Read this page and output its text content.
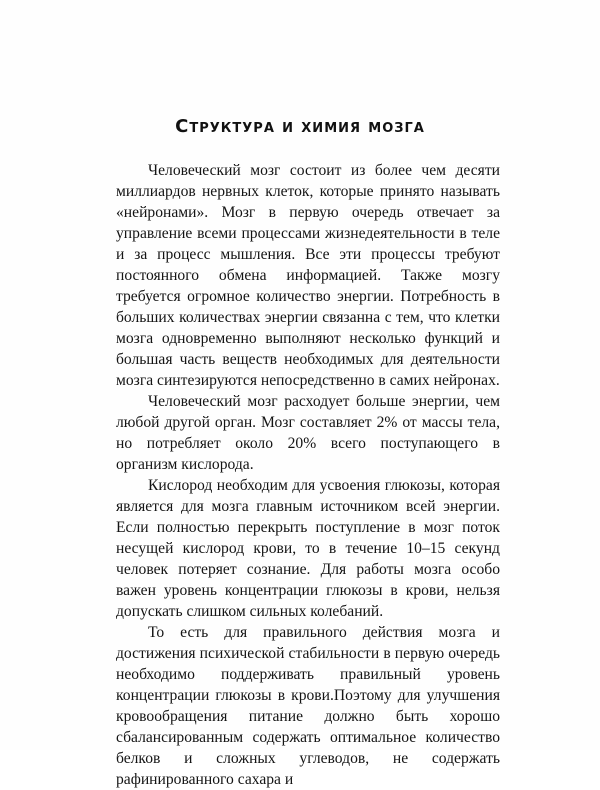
Структура и химия мозга

Человеческий мозг состоит из более чем десяти миллиардов нервных клеток, которые принято называть «нейронами». Мозг в первую очередь отвечает за управление всеми процессами жизнедеятельности в теле и за процесс мышления. Все эти процессы требуют постоянного обмена информацией. Также мозгу требуется огромное количество энергии. Потребность в больших количествах энергии связанна с тем, что клетки мозга одновременно выполняют несколько функций и большая часть веществ необходимых для деятельности мозга синтезируются непосредственно в самих нейронах.

Человеческий мозг расходует больше энергии, чем любой другой орган. Мозг составляет 2% от массы тела, но потребляет около 20% всего поступающего в организм кислорода.

Кислород необходим для усвоения глюкозы, которая является для мозга главным источником всей энергии. Если полностью перекрыть поступление в мозг поток несущей кислород крови, то в течение 10–15 секунд человек потеряет сознание. Для работы мозга особо важен уровень концентрации глюкозы в крови, нельзя допускать слишком сильных колебаний.

То есть для правильного действия мозга и достижения психической стабильности в первую очередь необходимо поддерживать правильный уровень концентрации глюкозы в крови.Поэтому для улучшения кровообращения питание должно быть хорошо сбалансированным содержать оптимальное количество белков и сложных углеводов, не содержать рафинированного сахара и
